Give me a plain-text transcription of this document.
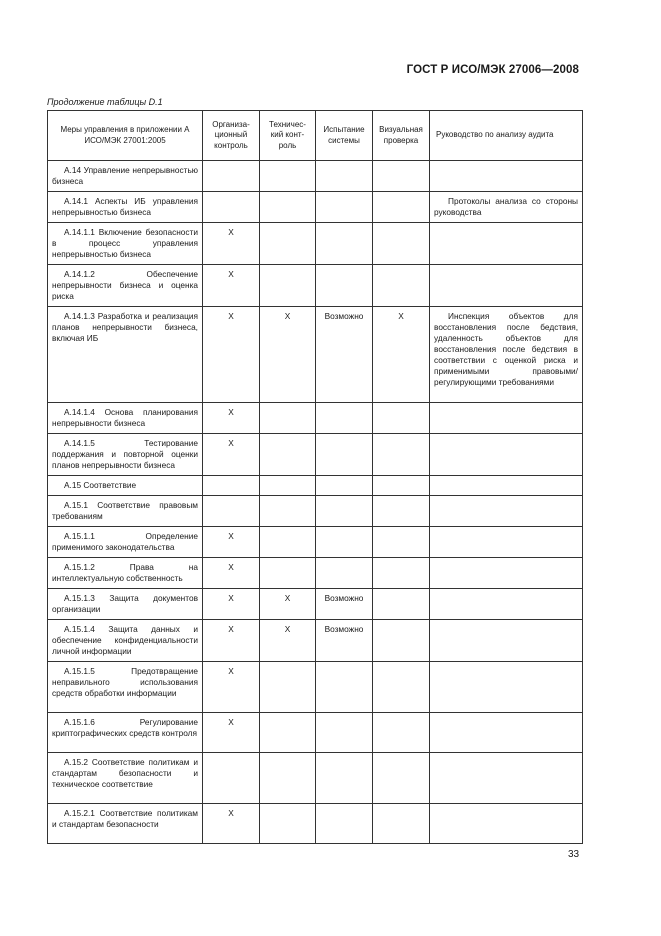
ГОСТ Р ИСО/МЭК 27006—2008
Продолжение таблицы D.1
Меры управления в приложении A ИСО/МЭК 27001:2005	Организа-ционный контроль	Техничес-кий конт-роль	Испытание системы	Визуальная проверка	Руководство по анализу аудита
A.14 Управление непрерывностью бизнеса					
A.14.1 Аспекты ИБ управления непрерывностью бизнеса					Протоколы анализа со стороны руководства
A.14.1.1 Включение безопасности в процесс управления непрерывностью бизнеса	X				
A.14.1.2 Обеспечение непрерывности бизнеса и оценка риска	X				
A.14.1.3 Разработка и реализация планов непрерывности бизнеса, включая ИБ	X	X	Возможно	X	Инспекция объектов для восстановления после бедствия, удаленность объектов для восстановления после бедствия в соответствии с оценкой риска и применимыми правовыми/регулирующими требованиями
A.14.1.4 Основа планирования непрерывности бизнеса	X				
A.14.1.5 Тестирование поддержания и повторной оценки планов непрерывности бизнеса	X				
A.15 Соответствие					
A.15.1 Соответствие правовым требованиям					
A.15.1.1 Определение применимого законодательства	X				
A.15.1.2 Права на интеллектуальную собственность	X				
A.15.1.3 Защита документов организации	X	X	Возможно		
A.15.1.4 Защита данных и обеспечение конфиденциальности личной информации	X	X	Возможно		
A.15.1.5 Предотвращение неправильного использования средств обработки информации	X				
A.15.1.6 Регулирование криптографических средств контроля	X				
A.15.2 Соответствие политикам и стандартам безопасности и техническое соответствие					
A.15.2.1 Соответствие политикам и стандартам безопасности	X				
33
